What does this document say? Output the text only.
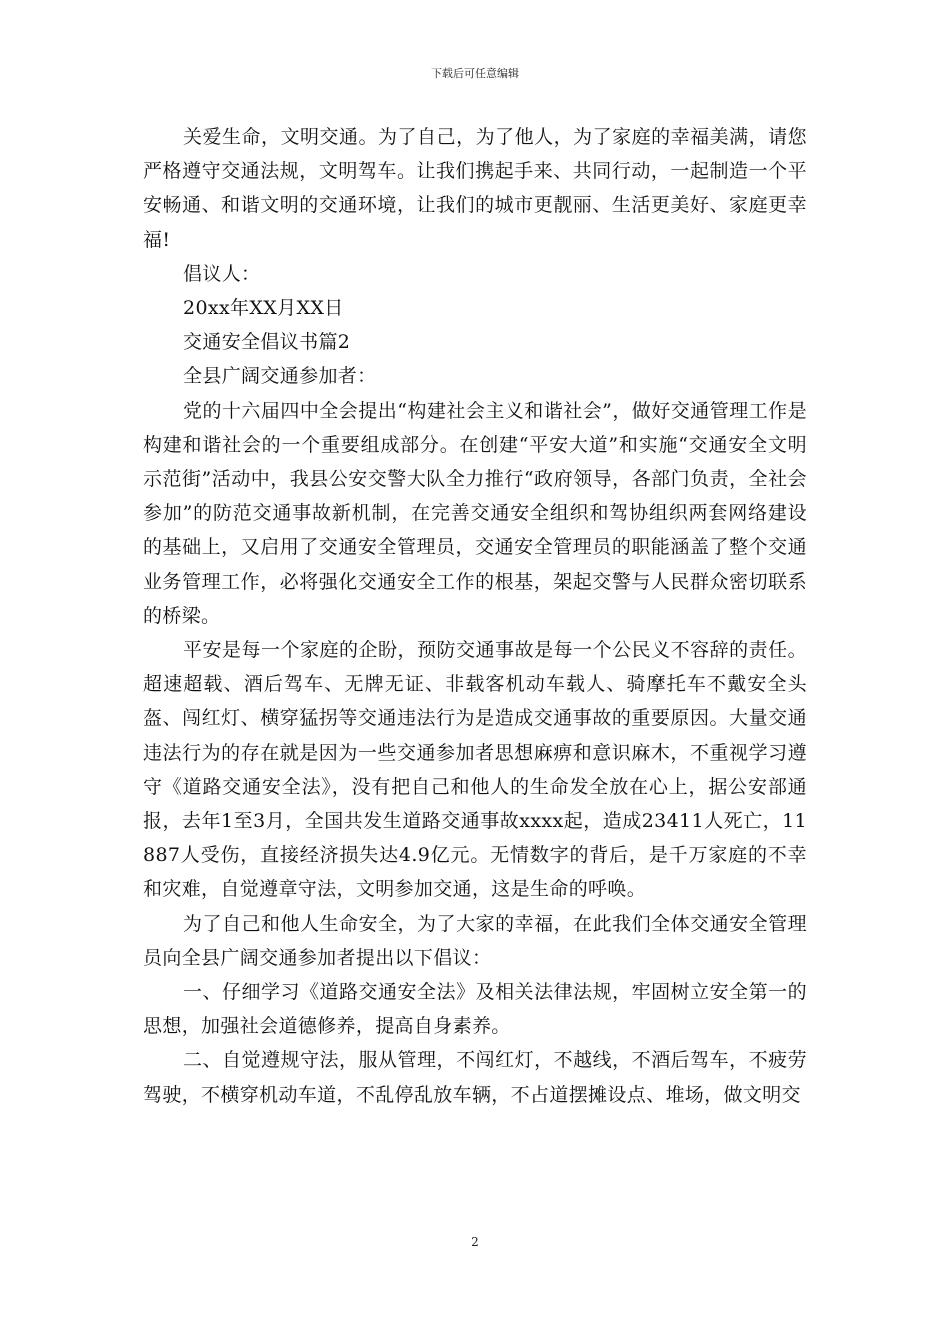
下载后可任意编辑

关爱生命，文明交通。为了自己，为了他人，为了家庭的幸福美满，请您严格遵守交通法规，文明驾车。让我们携起手来、共同行动，一起制造一个平安畅通、和谐文明的交通环境，让我们的城市更靓丽、生活更美好、家庭更幸福!

倡议人：

20xx年XX月XX日

交通安全倡议书篇2

全县广阔交通参加者：

党的十六届四中全会提出“构建社会主义和谐社会”，做好交通管理工作是构建和谐社会的一个重要组成部分。在创建“平安大道”和实施“交通安全文明示范街”活动中，我县公安交警大队全力推行“政府领导，各部门负责，全社会参加”的防范交通事故新机制，在完善交通安全组织和驾协组织两套网络建设的基础上，又启用了交通安全管理员，交通安全管理员的职能涵盖了整个交通业务管理工作，必将强化交通安全工作的根基，架起交警与人民群众密切联系的桥梁。

平安是每一个家庭的企盼，预防交通事故是每一个公民义不容辞的责任。超速超载、酒后驾车、无牌无证、非载客机动车载人、骑摩托车不戴安全头盔、闯红灯、横穿猛拐等交通违法行为是造成交通事故的重要原因。大量交通违法行为的存在就是因为一些交通参加者思想麻痹和意识麻木，不重视学习遵守《道路交通安全法》，没有把自己和他人的生命发全放在心上，据公安部通报，去年1至3月，全国共发生道路交通事故xxxx起，造成23411人死亡，11887人受伤，直接经济损失达4.9亿元。无情数字的背后，是千万家庭的不幸和灾难，自觉遵章守法，文明参加交通，这是生命的呼唤。

为了自己和他人生命安全，为了大家的幸福，在此我们全体交通安全管理员向全县广阔交通参加者提出以下倡议：

一、仔细学习《道路交通安全法》及相关法律法规，牢固树立安全第一的思想，加强社会道德修养，提高自身素养。

二、自觉遵规守法，服从管理，不闯红灯，不越线，不酒后驾车，不疲劳驾驶，不横穿机动车道，不乱停乱放车辆，不占道摆摊设点、堆场，做文明交

2
